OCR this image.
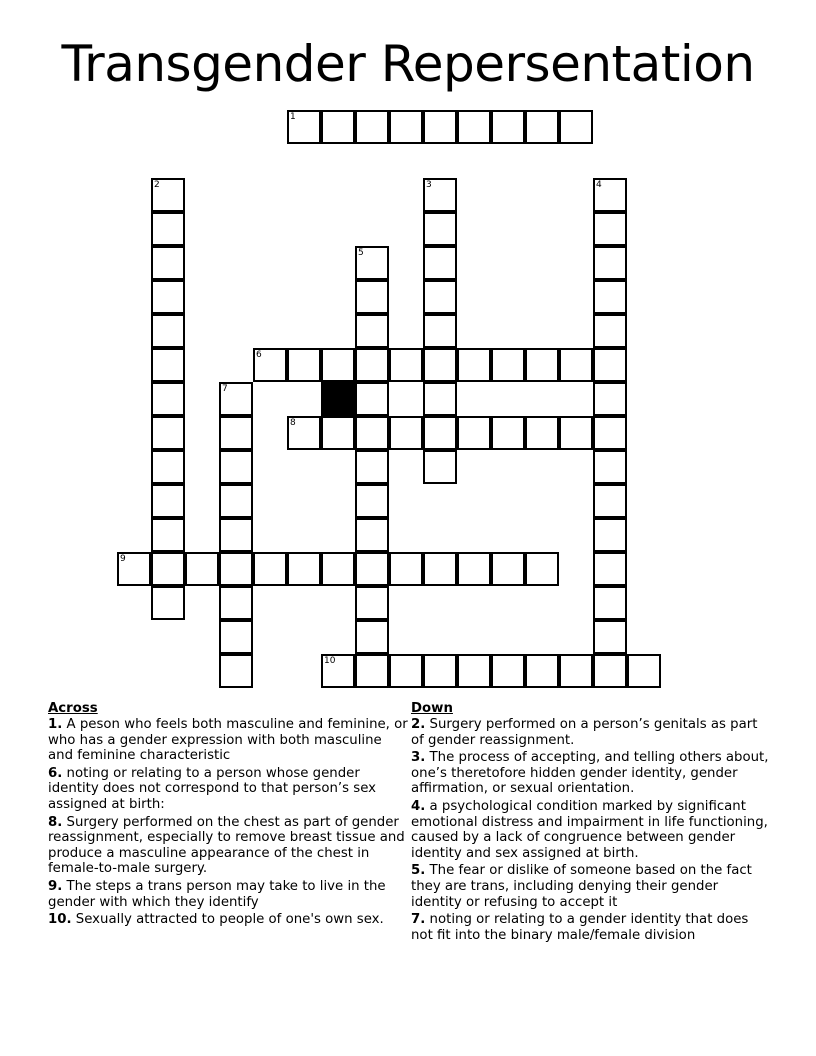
Transgender Repersentation
1
2	3	4
5
6
7
8
9
10
Across
1. A peson who feels both masculine and feminine, or who has a gender expression with both masculine and feminine characteristic
6. noting or relating to a person whose gender identity does not correspond to that person’s sex assigned at birth:
8. Surgery performed on the chest as part of gender reassignment, especially to remove breast tissue and produce a masculine appearance of the chest in female-to-male surgery.
9. The steps a trans person may take to live in the gender with which they identify
10. Sexually attracted to people of one's own sex.
Down
2. Surgery performed on a person’s genitals as part of gender reassignment.
3. The process of accepting, and telling others about, one’s theretofore hidden gender identity, gender affirmation, or sexual orientation.
4. a psychological condition marked by significant emotional distress and impairment in life functioning, caused by a lack of congruence between gender identity and sex assigned at birth.
5. The fear or dislike of someone based on the fact they are trans, including denying their gender identity or refusing to accept it
7. noting or relating to a gender identity that does not fit into the binary male/female division
